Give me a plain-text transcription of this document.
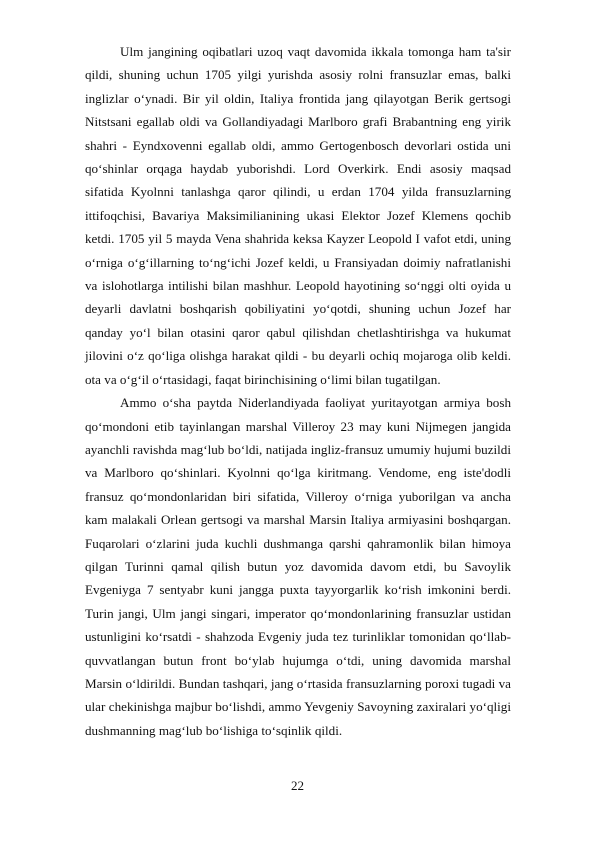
Ulm jangining oqibatlari uzoq vaqt davomida ikkala tomonga ham ta'sir qildi, shuning uchun 1705 yilgi yurishda asosiy rolni fransuzlar emas, balki inglizlar o‘ynadi. Bir yil oldin, Italiya frontida jang qilayotgan Berik gertsogi Nitstsani egallab oldi va Gollandiyadagi Marlboro grafi Brabantning eng yirik shahri - Eyndxovenni egallab oldi, ammo Gertogenbosch devorlari ostida uni qo‘shinlar orqaga haydab yuborishdi. Lord Overkirk. Endi asosiy maqsad sifatida Kyolnni tanlashga qaror qilindi, u erdan 1704 yilda fransuzlarning ittifoqchisi, Bavariya Maksimilianining ukasi Elektor Jozef Klemens qochib ketdi. 1705 yil 5 mayda Vena shahrida keksa Kayzer Leopold I vafot etdi, uning o‘rniga o‘g‘illarning to‘ng‘ichi Jozef keldi, u Fransiyadan doimiy nafratlanishi va islohotlarga intilishi bilan mashhur. Leopold hayotining so‘nggi olti oyida u deyarli davlatni boshqarish qobiliyatini yo‘qotdi, shuning uchun Jozef har qanday yo‘l bilan otasini qaror qabul qilishdan chetlashtirishga va hukumat jilovini o‘z qo‘liga olishga harakat qildi - bu deyarli ochiq mojaroga olib keldi. ota va o‘g‘il o‘rtasidagi, faqat birinchisining o‘limi bilan tugatilgan.

Ammo o‘sha paytda Niderlandiyada faoliyat yuritayotgan armiya bosh qo‘mondoni etib tayinlangan marshal Villeroy 23 may kuni Nijmegen jangida ayanchli ravishda mag‘lub bo‘ldi, natijada ingliz-fransuz umumiy hujumi buzildi va Marlboro qo‘shinlari. Kyolnni qo‘lga kiritmang. Vendome, eng iste'dodli fransuz qo‘mondonlaridan biri sifatida, Villeroy o‘rniga yuborilgan va ancha kam malakali Orlean gertsogi va marshal Marsin Italiya armiyasini boshqargan. Fuqarolari o‘zlarini juda kuchli dushmanga qarshi qahramonlik bilan himoya qilgan Turinni qamal qilish butun yoz davomida davom etdi, bu Savoylik Evgeniyga 7 sentyabr kuni jangga puxta tayyorgarlik ko‘rish imkonini berdi. Turin jangi, Ulm jangi singari, imperator qo‘mondonlarining fransuzlar ustidan ustunligini ko‘rsatdi - shahzoda Evgeniy juda tez turinliklar tomonidan qo‘llab-quvvatlangan butun front bo‘ylab hujumga o‘tdi, uning davomida marshal Marsin o‘ldirildi. Bundan tashqari, jang o‘rtasida fransuzlarning poroxi tugadi va ular chekinishga majbur bo‘lishdi, ammo Yevgeniy Savoyning zaxiralari yo‘qligi dushmanning mag‘lub bo‘lishiga to‘sqinlik qildi.

22
